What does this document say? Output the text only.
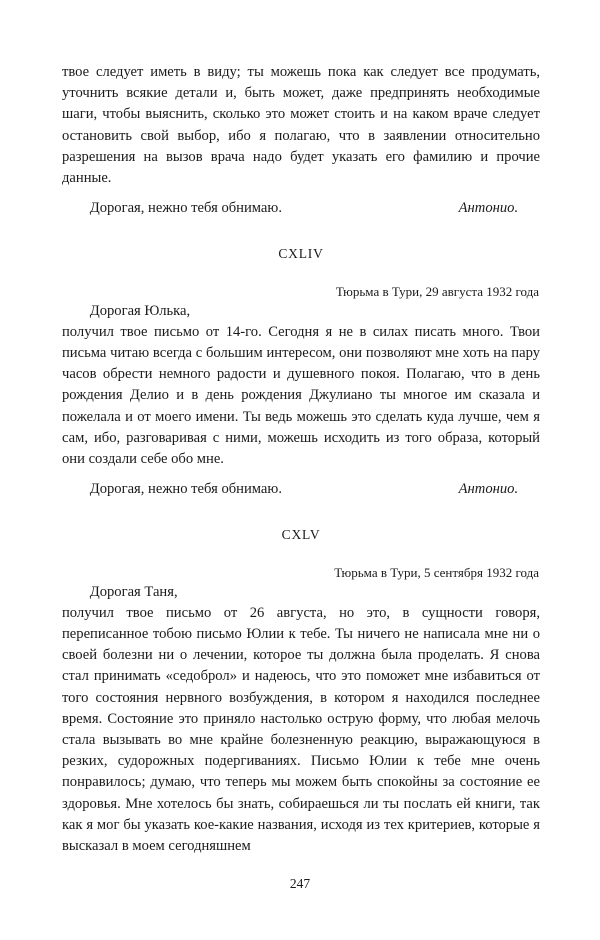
твое следует иметь в виду; ты можешь пока как следует все продумать, уточнить всякие детали и, быть может, даже предпринять необходимые шаги, чтобы выяснить, сколько это может стоить и на каком враче следует остановить свой выбор, ибо я полагаю, что в заявлении относительно разрешения на вызов врача надо будет указать его фамилию и прочие данные.

Дорогая, нежно тебя обнимаю.	Антонио.
CXLIV
Тюрьма в Тури, 29 августа 1932 года

Дорогая Юлька,

получил твое письмо от 14-го. Сегодня я не в силах писать много. Твои письма читаю всегда с большим интересом, они позволяют мне хоть на пару часов обрести немного радости и душевного покоя. Полагаю, что в день рождения Делио и в день рождения Джулиано ты многое им сказала и пожелала и от моего имени. Ты ведь можешь это сделать куда лучше, чем я сам, ибо, разговаривая с ними, можешь исходить из того образа, который они создали себе обо мне.

Дорогая, нежно тебя обнимаю.	Антонио.
CXLV
Тюрьма в Тури, 5 сентября 1932 года

Дорогая Таня,

получил твое письмо от 26 августа, но это, в сущности говоря, переписанное тобою письмо Юлии к тебе. Ты ничего не написала мне ни о своей болезни ни о лечении, которое ты должна была проделать. Я снова стал принимать «седоброл» и надеюсь, что это поможет мне избавиться от того состояния нервного возбуждения, в котором я находился последнее время. Состояние это приняло настолько острую форму, что любая мелочь стала вызывать во мне крайне болезненную реакцию, выражающуюся в резких, судорожных подергиваниях. Письмо Юлии к тебе мне очень понравилось; думаю, что теперь мы можем быть спокойны за состояние ее здоровья. Мне хотелось бы знать, собираешься ли ты послать ей книги, так как я мог бы указать кое-какие названия, исходя из тех критериев, которые я высказал в моем сегодняшнем

247
